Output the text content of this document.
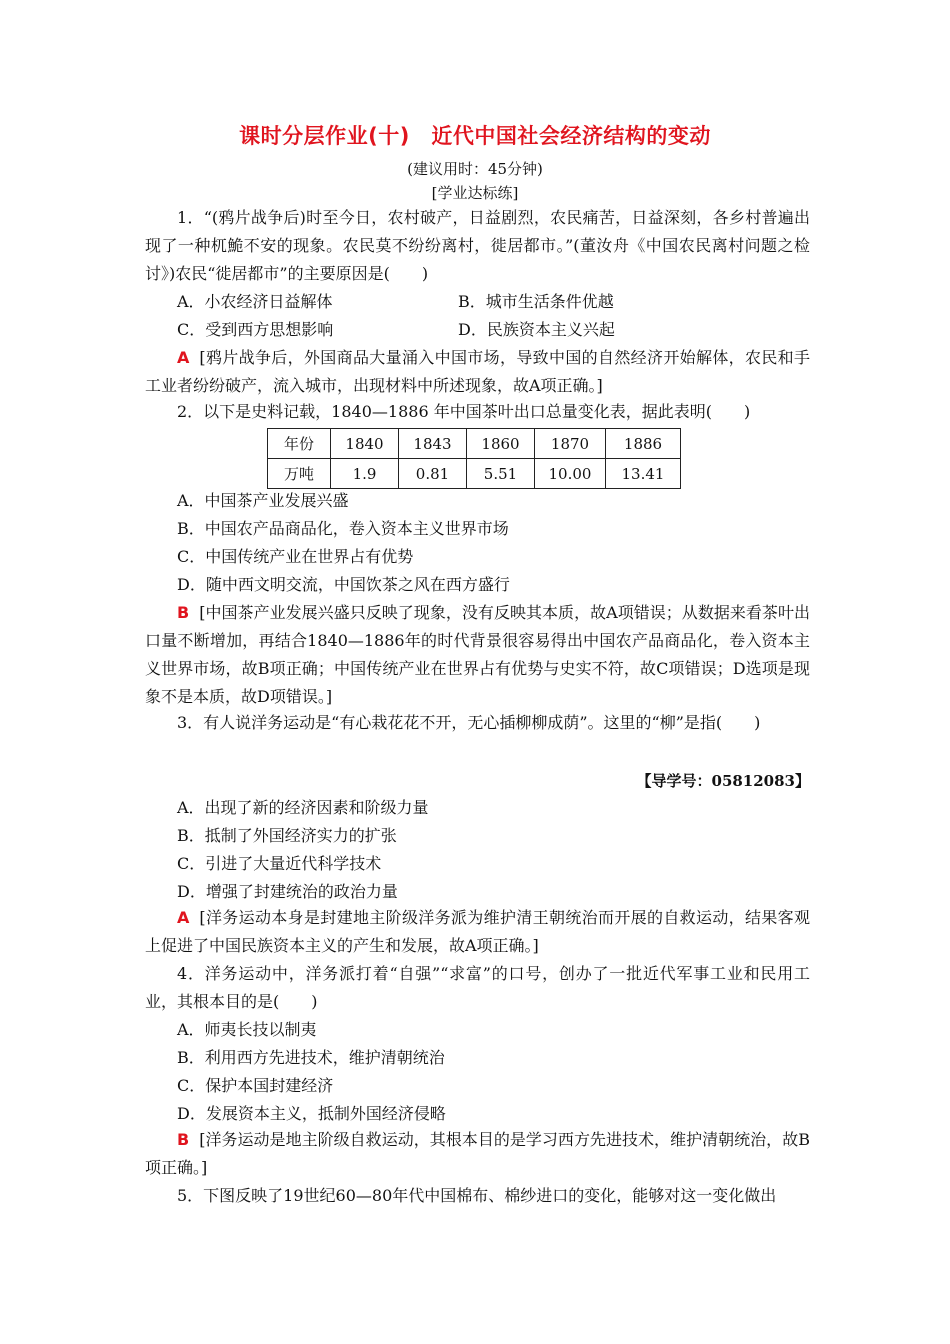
课时分层作业(十)　近代中国社会经济结构的变动
(建议用时：45分钟)
[学业达标练]

1．“(鸦片战争后)时至今日，农村破产，日益剧烈，农民痛苦，日益深刻，各乡村普遍出现了一种杌鮠不安的现象。农民莫不纷纷离村，徙居都市。”(董汝舟《中国农民离村问题之检讨》)农民“徙居都市”的主要原因是(　　)

A．小农经济日益解体	B．城市生活条件优越
C．受到西方思想影响	D．民族资本主义兴起

A [鸦片战争后，外国商品大量涌入中国市场，导致中国的自然经济开始解体，农民和手工业者纷纷破产，流入城市，出现材料中所述现象，故A项正确。]

2．以下是史料记载，1840—1886 年中国茶叶出口总量变化表，据此表明(　　)

年份	1840	1843	1860	1870	1886
万吨	1.9	0.81	5.51	10.00	13.41
A．中国茶产业发展兴盛
B．中国农产品商品化，卷入资本主义世界市场
C．中国传统产业在世界占有优势
D．随中西文明交流，中国饮茶之风在西方盛行

B [中国茶产业发展兴盛只反映了现象，没有反映其本质，故A项错误；从数据来看茶叶出口量不断增加，再结合1840—1886年的时代背景很容易得出中国农产品商品化，卷入资本主义世界市场，故B项正确；中国传统产业在世界占有优势与史实不符，故C项错误；D选项是现象不是本质，故D项错误。]

3．有人说洋务运动是“有心栽花花不开，无心插柳柳成荫”。这里的“柳”是指(　　)

【导学号：05812083】
A．出现了新的经济因素和阶级力量
B．抵制了外国经济实力的扩张
C．引进了大量近代科学技术
D．增强了封建统治的政治力量

A [洋务运动本身是封建地主阶级洋务派为维护清王朝统治而开展的自救运动，结果客观上促进了中国民族资本主义的产生和发展，故A项正确。]

4．洋务运动中，洋务派打着“自强”“求富”的口号，创办了一批近代军事工业和民用工业，其根本目的是(　　)

A．师夷长技以制夷
B．利用西方先进技术，维护清朝统治
C．保护本国封建经济
D．发展资本主义，抵制外国经济侵略

B [洋务运动是地主阶级自救运动，其根本目的是学习西方先进技术，维护清朝统治，故B项正确。]

5．下图反映了19世纪60—80年代中国棉布、棉纱进口的变化，能够对这一变化做出
